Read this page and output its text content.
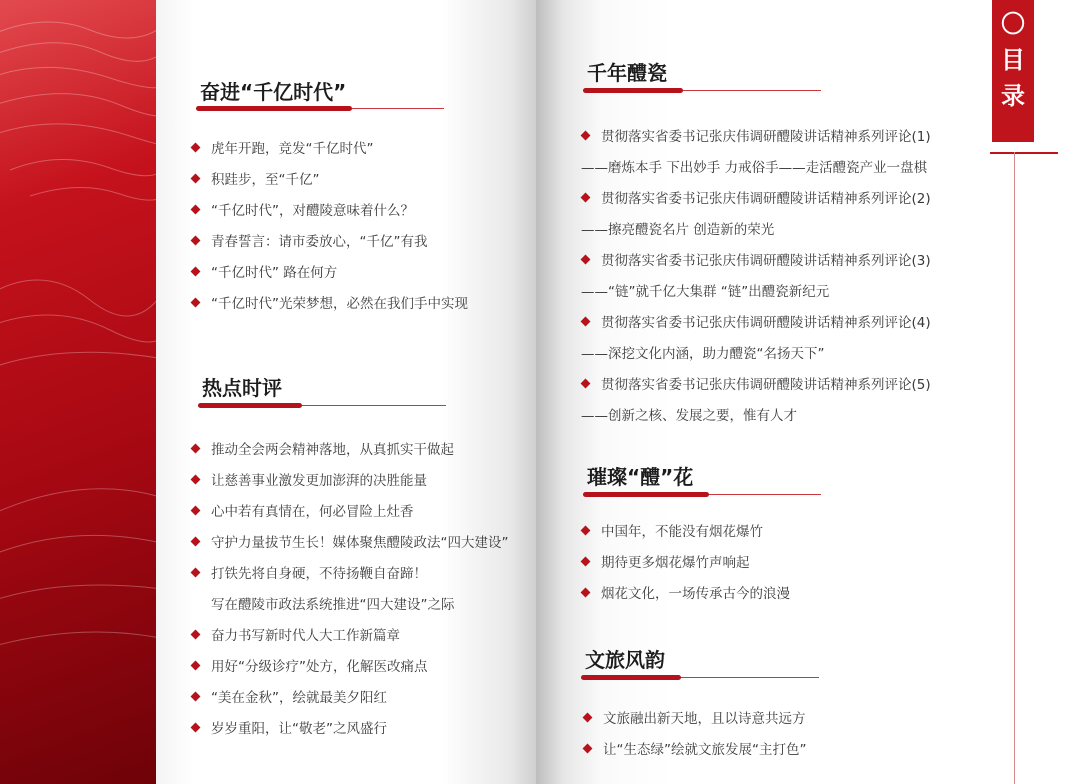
奋进“千亿时代”
虎年开跑，竞发“千亿时代”
积跬步，至“千亿”
“千亿时代”，对醴陵意味着什么？
青春誓言：请市委放心，“千亿”有我
“千亿时代” 路在何方
“千亿时代”光荣梦想，必然在我们手中实现
热点时评
推动全会两会精神落地，从真抓实干做起
让慈善事业激发更加澎湃的决胜能量
心中若有真情在，何必冒险上灶香
守护力量拔节生长！媒体聚焦醴陵政法“四大建设”
打铁先将自身硬，不待扬鞭自奋蹄！
写在醴陵市政法系统推进“四大建设”之际
奋力书写新时代人大工作新篇章
用好“分级诊疗”处方，化解医改痛点
“美在金秋”，绘就最美夕阳红
岁岁重阳，让“敬老”之风盛行
千年醴瓷
贯彻落实省委书记张庆伟调研醴陵讲话精神系列评论(1)
——磨炼本手 下出妙手 力戒俗手——走活醴瓷产业一盘棋
贯彻落实省委书记张庆伟调研醴陵讲话精神系列评论(2)
——擦亮醴瓷名片 创造新的荣光
贯彻落实省委书记张庆伟调研醴陵讲话精神系列评论(3)
——“链”就千亿大集群 “链”出醴瓷新纪元
贯彻落实省委书记张庆伟调研醴陵讲话精神系列评论(4)
——深挖文化内涵，助力醴瓷“名扬天下”
贯彻落实省委书记张庆伟调研醴陵讲话精神系列评论(5)
——创新之核、发展之要，惟有人才
璀璨“醴”花
中国年，不能没有烟花爆竹
期待更多烟花爆竹声响起
烟花文化，一场传承古今的浪漫
文旅风韵
文旅融出新天地，且以诗意共远方
让“生态绿”绘就文旅发展“主打色”
〇
目
录
